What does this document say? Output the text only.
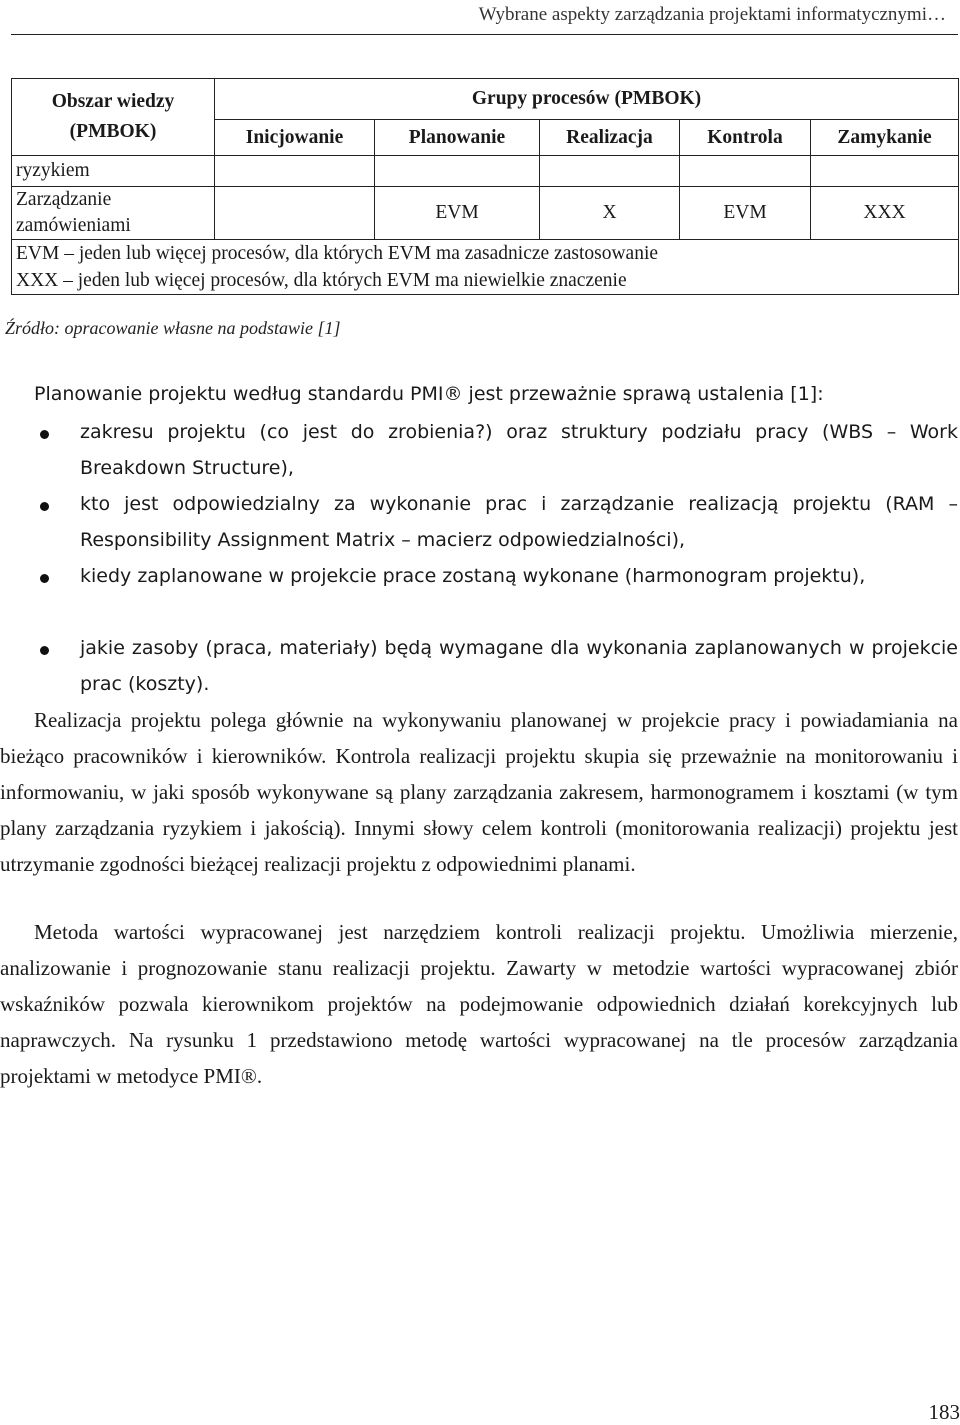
Wybrane aspekty zarządzania projektami informatycznymi…
Obszar wiedzy (PMBOK)	Grupy procesów (PMBOK)				
	Inicjowanie	Planowanie	Realizacja	Kontrola	Zamykanie
ryzykiem					
Zarządzanie zamówieniami		EVM	X	EVM	XXX
EVM – jeden lub więcej procesów, dla których EVM ma zasadnicze zastosowanie					
XXX – jeden lub więcej procesów, dla których EVM ma niewielkie znaczenie					
Źródło: opracowanie własne na podstawie [1]

Planowanie projektu według standardu PMI® jest przeważnie sprawą ustalenia [1]:

zakresu projektu (co jest do zrobienia?) oraz struktury podziału pracy (WBS – Work Breakdown Structure),

kto jest odpowiedzialny za wykonanie prac i zarządzanie realizacją projektu (RAM – Responsibility Assignment Matrix – macierz odpowiedzialności),

kiedy zaplanowane w projekcie prace zostaną wykonane (harmonogram projektu),

jakie zasoby (praca, materiały) będą wymagane dla wykonania zaplanowanych w projekcie prac (koszty).

Realizacja projektu polega głównie na wykonywaniu planowanej w projekcie pracy i powiadamiania na bieżąco pracowników i kierowników. Kontrola realizacji projektu skupia się przeważnie na monitorowaniu i informowaniu, w jaki sposób wykonywane są plany zarządzania zakresem, harmonogramem i kosztami (w tym plany zarządzania ryzykiem i jakością). Innymi słowy celem kontroli (monitorowania realizacji) projektu jest utrzymanie zgodności bieżącej realizacji projektu z odpowiednimi planami.

Metoda wartości wypracowanej jest narzędziem kontroli realizacji projektu. Umożliwia mierzenie, analizowanie i prognozowanie stanu realizacji projektu. Zawarty w metodzie wartości wypracowanej zbiór wskaźników pozwala kierownikom projektów na podejmowanie odpowiednich działań korekcyjnych lub naprawczych. Na rysunku 1 przedstawiono metodę wartości wypracowanej na tle procesów zarządzania projektami w metodyce PMI®.

183
